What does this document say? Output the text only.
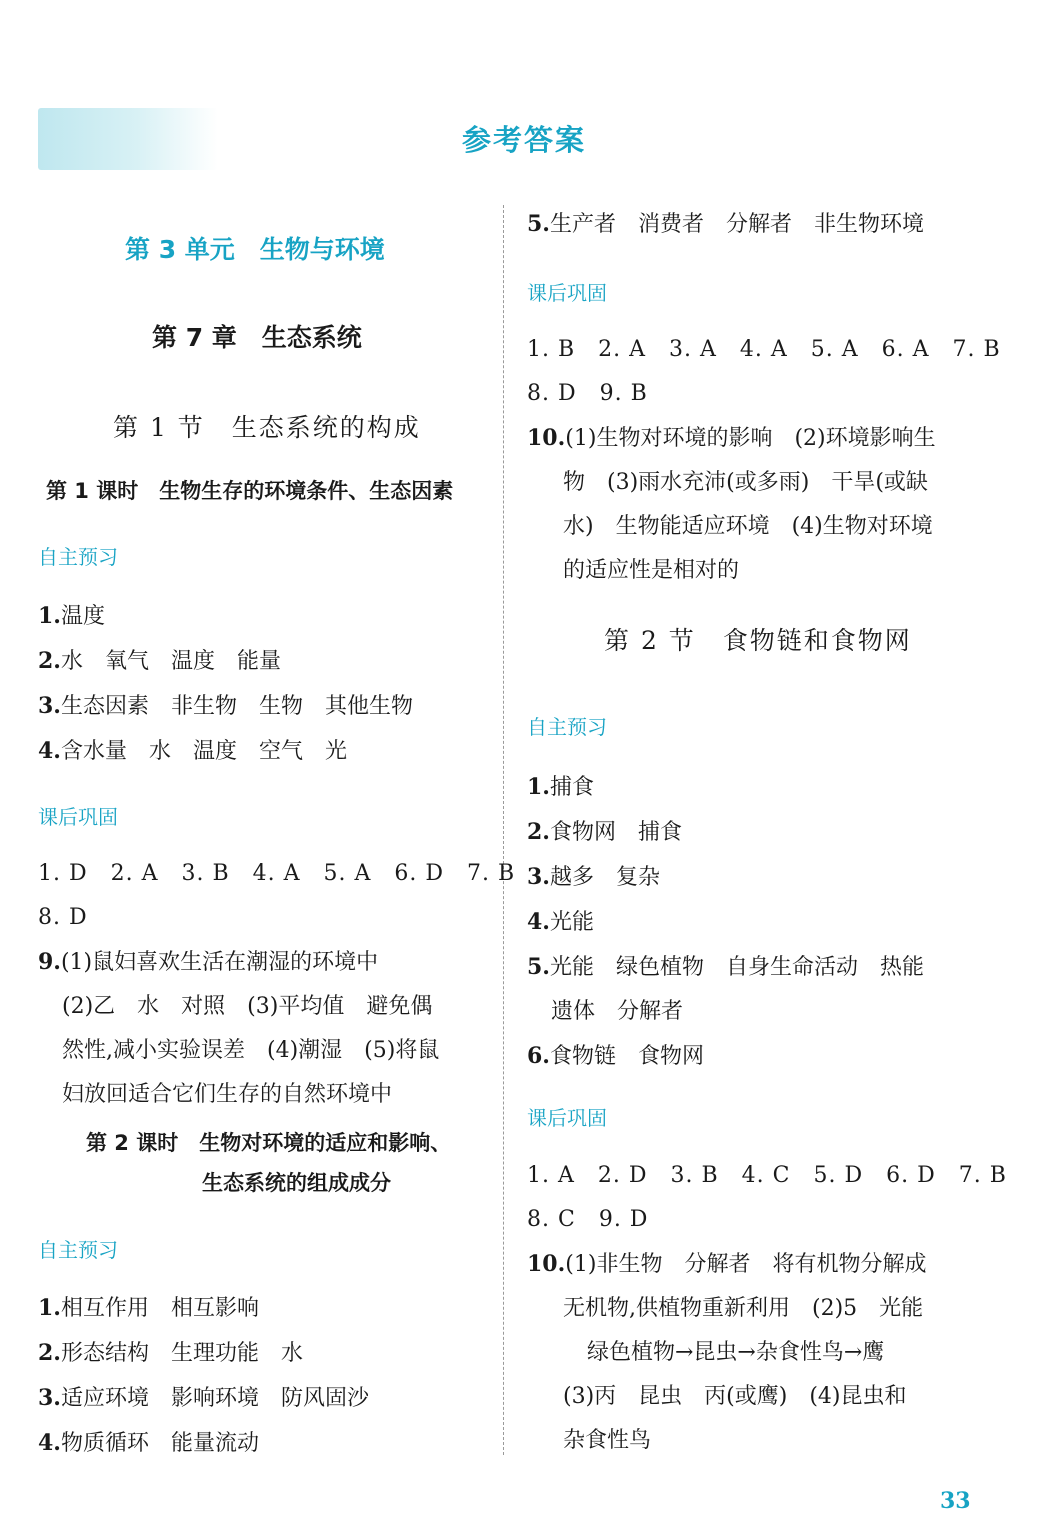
参考答案
第 3 单元　生物与环境
第 7 章　生态系统
第 1 节　生态系统的构成
第 1 课时　生物生存的环境条件、生态因素
自主预习
1.温度
2.水　氧气　温度　能量
3.生态因素　非生物　生物　其他生物
4.含水量　水　温度　空气　光
课后巩固
1. D　2. A　3. B　4. A　5. A　6. D　7. B
8. D
9.(1)鼠妇喜欢生活在潮湿的环境中
(2)乙　水　对照　(3)平均值　避免偶
然性,减小实验误差　(4)潮湿　(5)将鼠
妇放回适合它们生存的自然环境中
第 2 课时　生物对环境的适应和影响、
生态系统的组成成分
自主预习
1.相互作用　相互影响
2.形态结构　生理功能　水
3.适应环境　影响环境　防风固沙
4.物质循环　能量流动
5.生产者　消费者　分解者　非生物环境
课后巩固
1. B　2. A　3. A　4. A　5. A　6. A　7. B
8. D　9. B
10.(1)生物对环境的影响　(2)环境影响生
物　(3)雨水充沛(或多雨)　干旱(或缺
水)　生物能适应环境　(4)生物对环境
的适应性是相对的
第 2 节　食物链和食物网
自主预习
1.捕食
2.食物网　捕食
3.越多　复杂
4.光能
5.光能　绿色植物　自身生命活动　热能
遗体　分解者
6.食物链　食物网
课后巩固
1. A　2. D　3. B　4. C　5. D　6. D　7. B
8. C　9. D
10.(1)非生物　分解者　将有机物分解成
无机物,供植物重新利用　(2)5　光能
绿色植物→昆虫→杂食性鸟→鹰
(3)丙　昆虫　丙(或鹰)　(4)昆虫和
杂食性鸟
33
